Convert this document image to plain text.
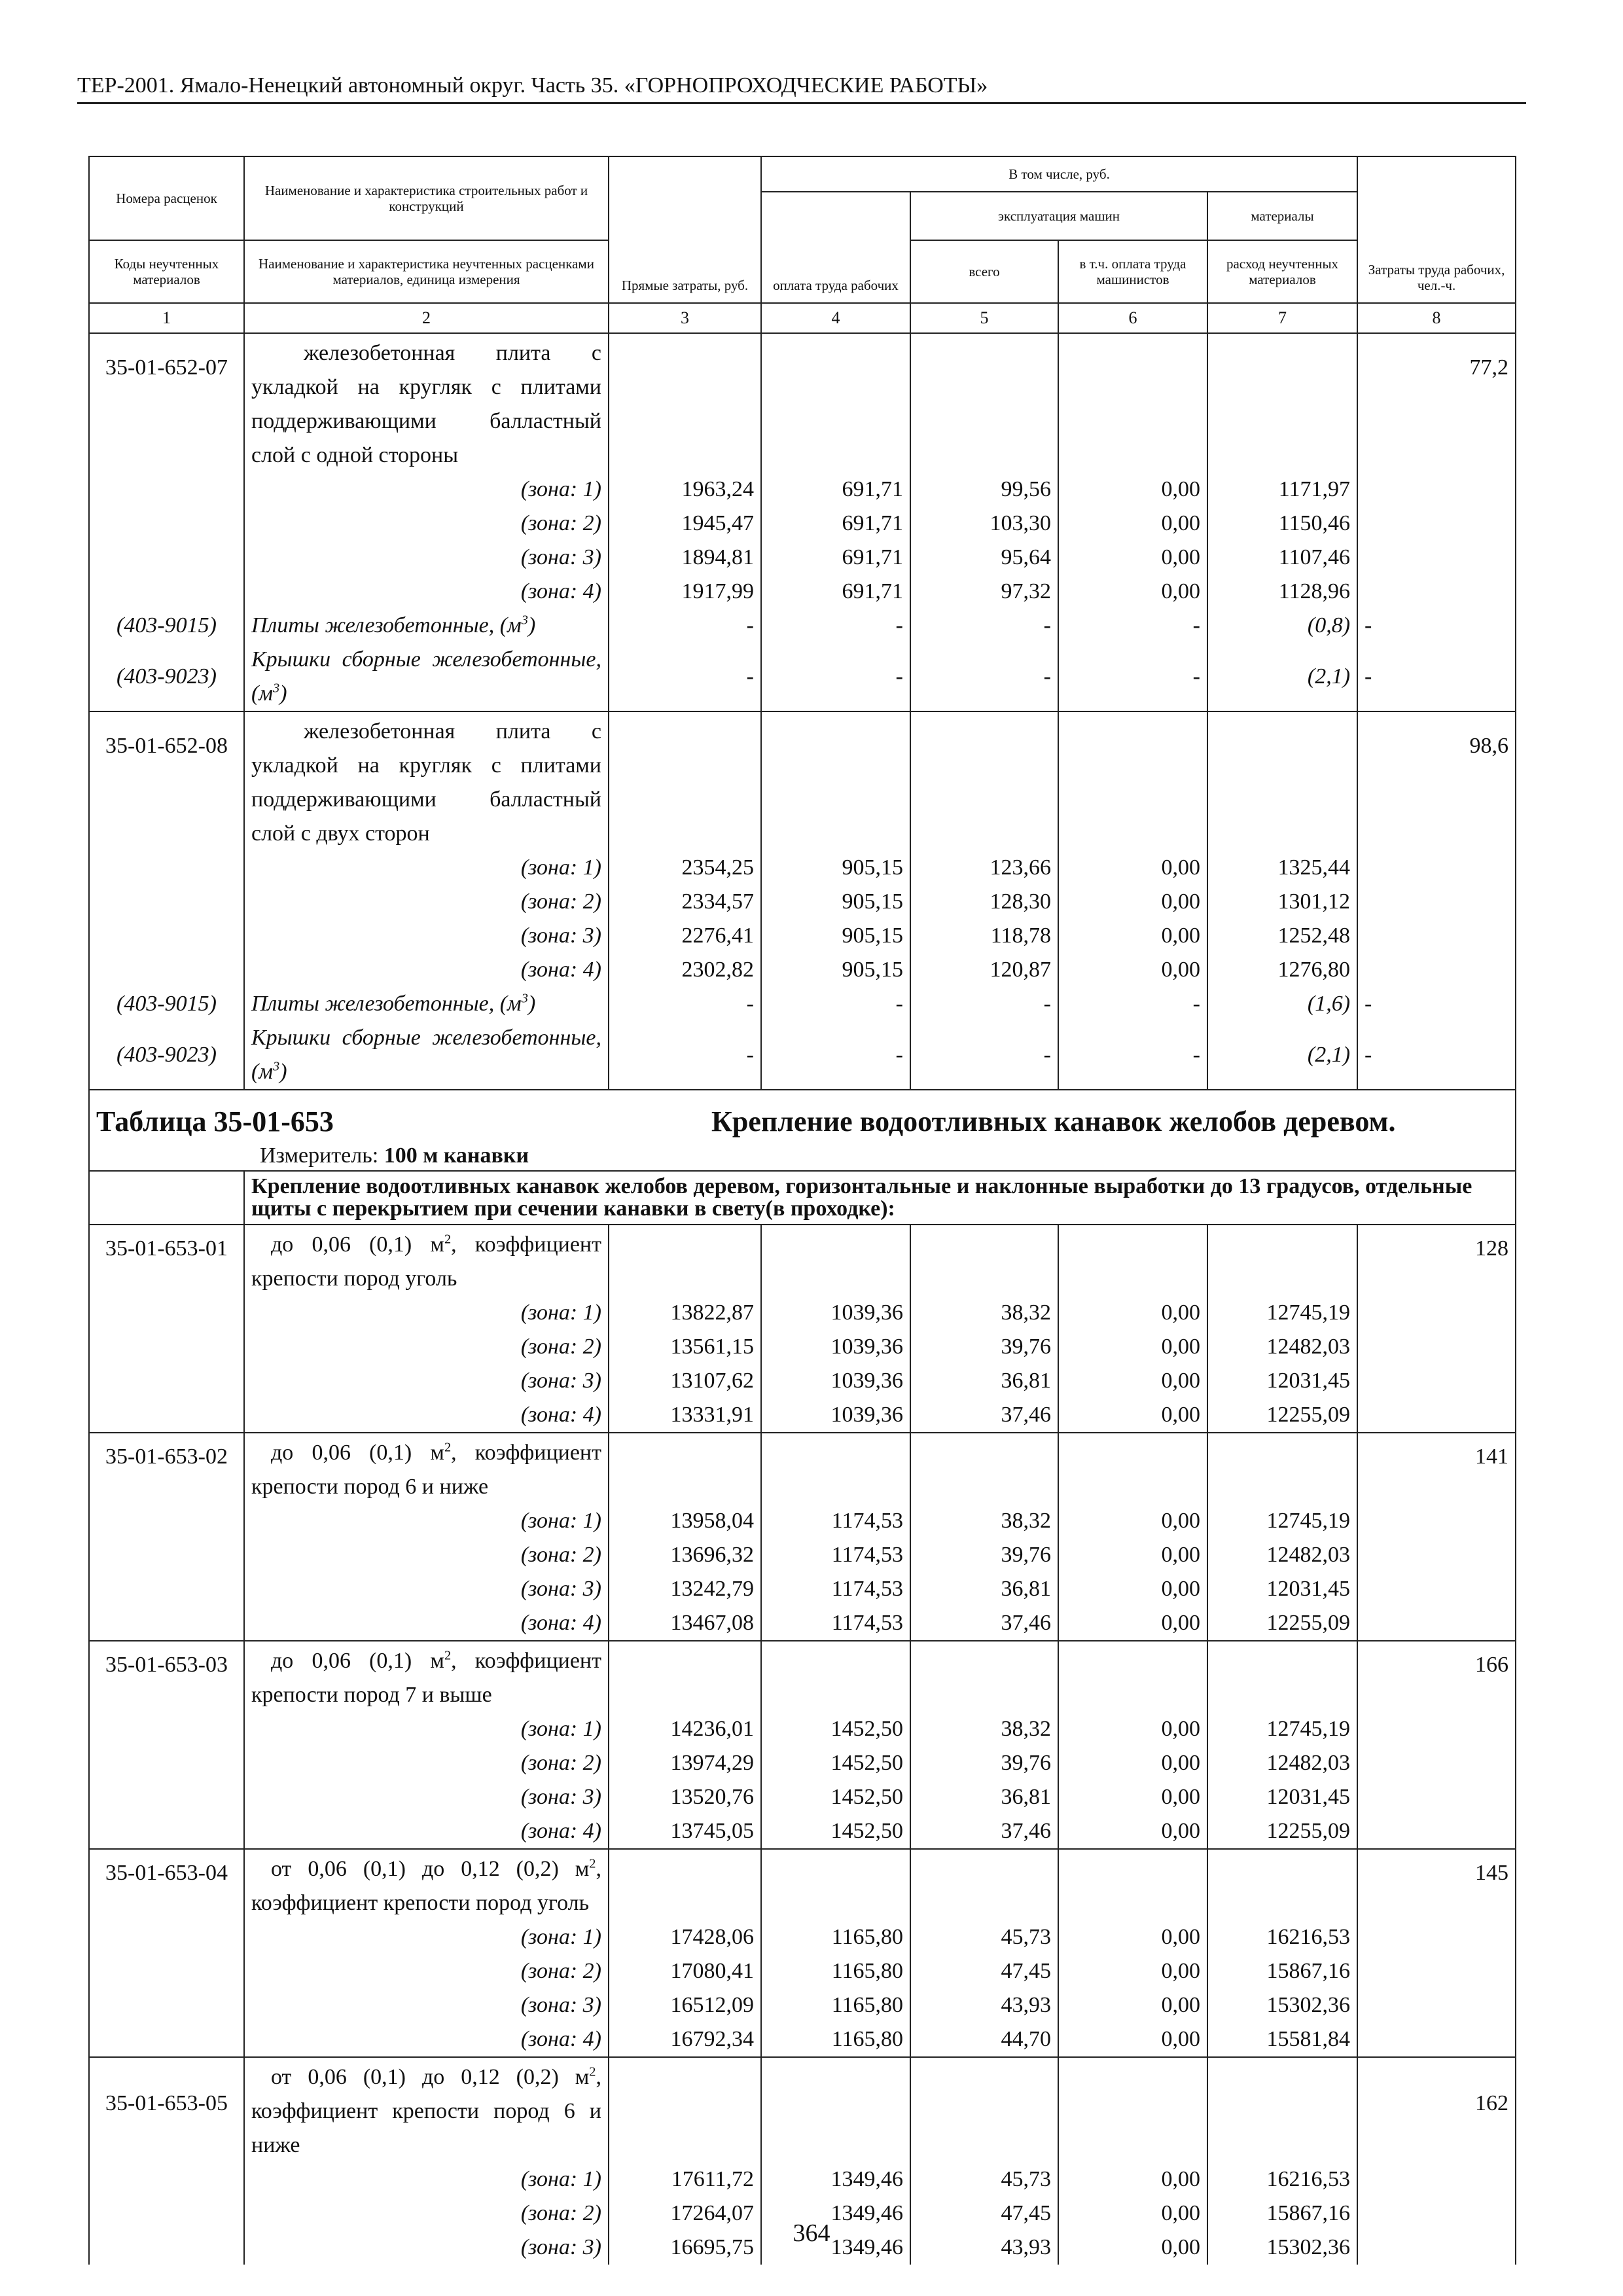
ТЕР-2001. Ямало-Ненецкий автономный округ. Часть 35. «ГОРНОПРОХОДЧЕСКИЕ РАБОТЫ»
Номера расценок	Наименование и характеристика строительных работ и конструкций	Прямые затраты, руб.	В том числе, руб.				Затраты труда рабочих, чел.-ч.
			оплата труда рабочих	эксплуатация машин		материалы	
Коды неучтенных материалов	Наименование и характеристика неучтенных расценками материалов, единица измерения			всего	в т.ч. оплата труда машинистов	расход неучтенных материалов	
1	2	3	4	5	6	7	8
35-01-652-07	железобетонная плита с укладкой на кругляк с плитами поддерживающими балластный слой с одной стороны						77,2
	(зона: 1)	1963,24	691,71	99,56	0,00	1171,97	
	(зона: 2)	1945,47	691,71	103,30	0,00	1150,46	
	(зона: 3)	1894,81	691,71	95,64	0,00	1107,46	
	(зона: 4)	1917,99	691,71	97,32	0,00	1128,96	
(403-9015)	Плиты железобетонные, $(м^3)$	-	-	-	-	(0,8)	-
(403-9023)	Крышки сборные железобетонные, $(м^3)$	-	-	-	-	(2,1)	-
35-01-652-08	железобетонная плита с укладкой на кругляк с плитами поддерживающими балластный слой с двух сторон						98,6
	(зона: 1)	2354,25	905,15	123,66	0,00	1325,44	
	(зона: 2)	2334,57	905,15	128,30	0,00	1301,12	
	(зона: 3)	2276,41	905,15	118,78	0,00	1252,48	
	(зона: 4)	2302,82	905,15	120,87	0,00	1276,80	
(403-9015)	Плиты железобетонные, $(м^3)$	-	-	-	-	(1,6)	-
(403-9023)	Крышки сборные железобетонные, $(м^3)$	-	-	-	-	(2,1)	-
Таблица 35-01-653 Крепление водоотливных канавок желобов деревом.
Измеритель: 100 м канавки							

	Крепление водоотливных канавок желобов деревом, горизонтальные и наклонные выработки до 13 градусов, отдельные щиты с перекрытием при сечении канавки в свету(в проходке):						
35-01-653-01	до 0,06 (0,1) $м^2$, коэффициент крепости пород уголь						128
	(зона: 1)	13822,87	1039,36	38,32	0,00	12745,19	
	(зона: 2)	13561,15	1039,36	39,76	0,00	12482,03	
	(зона: 3)	13107,62	1039,36	36,81	0,00	12031,45	
	(зона: 4)	13331,91	1039,36	37,46	0,00	12255,09	
35-01-653-02	до 0,06 (0,1) $м^2$, коэффициент крепости пород 6 и ниже						141
	(зона: 1)	13958,04	1174,53	38,32	0,00	12745,19	
	(зона: 2)	13696,32	1174,53	39,76	0,00	12482,03	
	(зона: 3)	13242,79	1174,53	36,81	0,00	12031,45	
	(зона: 4)	13467,08	1174,53	37,46	0,00	12255,09	
35-01-653-03	до 0,06 (0,1) $м^2$, коэффициент крепости пород 7 и выше						166
	(зона: 1)	14236,01	1452,50	38,32	0,00	12745,19	
	(зона: 2)	13974,29	1452,50	39,76	0,00	12482,03	
	(зона: 3)	13520,76	1452,50	36,81	0,00	12031,45	
	(зона: 4)	13745,05	1452,50	37,46	0,00	12255,09	
35-01-653-04	от 0,06 (0,1) до 0,12 (0,2) $м^2$, коэффициент крепости пород уголь						145
	(зона: 1)	17428,06	1165,80	45,73	0,00	16216,53	
	(зона: 2)	17080,41	1165,80	47,45	0,00	15867,16	
	(зона: 3)	16512,09	1165,80	43,93	0,00	15302,36	
	(зона: 4)	16792,34	1165,80	44,70	0,00	15581,84	
35-01-653-05	от 0,06 (0,1) до 0,12 (0,2) $м^2$, коэффициент крепости пород 6 и ниже						162
	(зона: 1)	17611,72	1349,46	45,73	0,00	16216,53	
	(зона: 2)	17264,07	1349,46	47,45	0,00	15867,16	
	(зона: 3)	16695,75	1349,46	43,93	0,00	15302,36	
364
